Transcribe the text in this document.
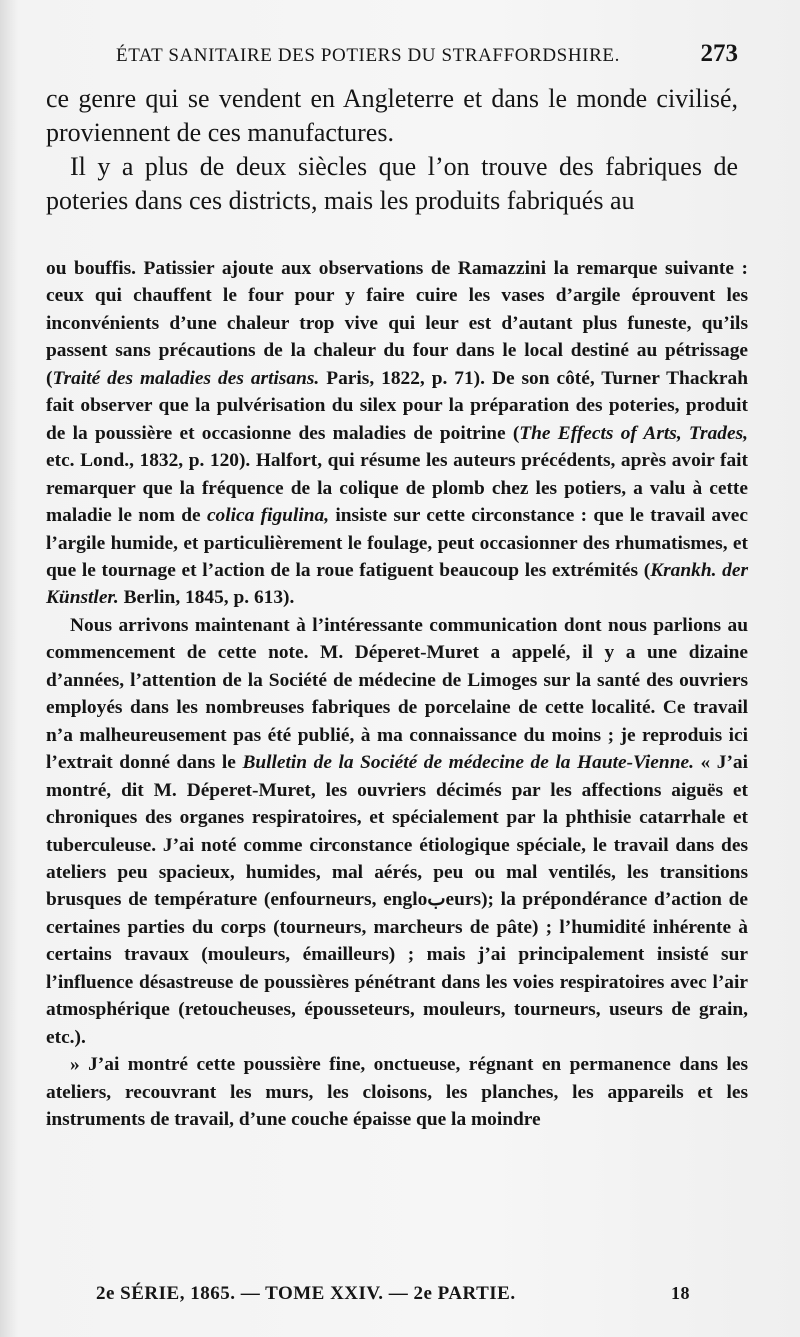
ÉTAT SANITAIRE DES POTIERS DU STRAFFORDSHIRE.	273

ce genre qui se vendent en Angleterre et dans le monde civilisé, proviennent de ces manufactures.

Il y a plus de deux siècles que l’on trouve des fabriques de poteries dans ces districts, mais les produits fabriqués au

ou bouffis. Patissier ajoute aux observations de Ramazzini la remarque suivante : ceux qui chauffent le four pour y faire cuire les vases d’argile éprouvent les inconvénients d’une chaleur trop vive qui leur est d’autant plus funeste, qu’ils passent sans précautions de la chaleur du four dans le local destiné au pétrissage (Traité des maladies des artisans. Paris, 1822, p. 71). De son côté, Turner Thackrah fait observer que la pulvérisation du silex pour la préparation des poteries, produit de la poussière et occasionne des maladies de poitrine (The Effects of Arts, Trades, etc. Lond., 1832, p. 120). Halfort, qui résume les auteurs précédents, après avoir fait remarquer que la fréquence de la colique de plomb chez les potiers, a valu à cette maladie le nom de colica figulina, insiste sur cette circonstance : que le travail avec l’argile humide, et particulièrement le foulage, peut occasionner des rhumatismes, et que le tournage et l’action de la roue fatiguent beaucoup les extrémités (Krankh. der Künstler. Berlin, 1845, p. 613).

Nous arrivons maintenant à l’intéressante communication dont nous parlions au commencement de cette note. M. Déperet-Muret a appelé, il y a une dizaine d’années, l’attention de la Société de médecine de Limoges sur la santé des ouvriers employés dans les nombreuses fabriques de porcelaine de cette localité. Ce travail n’a malheureusement pas été publié, à ma connaissance du moins ; je reproduis ici l’extrait donné dans le Bulletin de la Société de médecine de la Haute-Vienne. « J’ai montré, dit M. Déperet-Muret, les ouvriers décimés par les affections aiguës et chroniques des organes respiratoires, et spécialement par la phthisie catarrhale et tuberculeuse. J’ai noté comme circonstance étiologique spéciale, le travail dans des ateliers peu spacieux, humides, mal aérés, peu ou mal ventilés, les transitions brusques de température (enfourneurs, engloبeurs); la prépondérance d’action de certaines parties du corps (tourneurs, marcheurs de pâte) ; l’humidité inhérente à certains travaux (mouleurs, émailleurs) ; mais j’ai principalement insisté sur l’influence désastreuse de poussières pénétrant dans les voies respiratoires avec l’air atmosphérique (retoucheuses, épousseteurs, mouleurs, tourneurs, useurs de grain, etc.).

» J’ai montré cette poussière fine, onctueuse, régnant en permanence dans les ateliers, recouvrant les murs, les cloisons, les planches, les appareils et les instruments de travail, d’une couche épaisse que la moindre

2e SÉRIE, 1865. — TOME XXIV. — 2e PARTIE.	18
